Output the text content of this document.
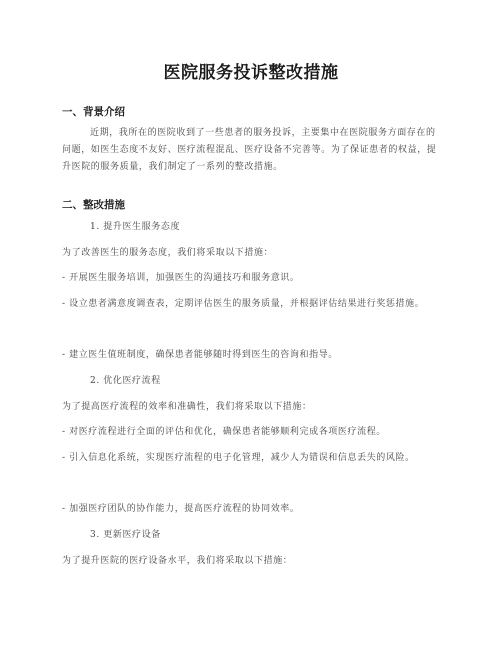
医院服务投诉整改措施
一、背景介绍

近期，我所在的医院收到了一些患者的服务投诉，主要集中在医院服务方面存在的问题，如医生态度不友好、医疗流程混乱、医疗设备不完善等。为了保证患者的权益，提升医院的服务质量，我们制定了一系列的整改措施。

二、整改措施

1. 提升医生服务态度

为了改善医生的服务态度，我们将采取以下措施：

- 开展医生服务培训，加强医生的沟通技巧和服务意识。

- 设立患者满意度调查表，定期评估医生的服务质量，并根据评估结果进行奖惩措施。

- 建立医生值班制度，确保患者能够随时得到医生的咨询和指导。

2. 优化医疗流程

为了提高医疗流程的效率和准确性，我们将采取以下措施：

- 对医疗流程进行全面的评估和优化，确保患者能够顺利完成各项医疗流程。

- 引入信息化系统，实现医疗流程的电子化管理，减少人为错误和信息丢失的风险。

- 加强医疗团队的协作能力，提高医疗流程的协同效率。

3. 更新医疗设备

为了提升医院的医疗设备水平，我们将采取以下措施：
